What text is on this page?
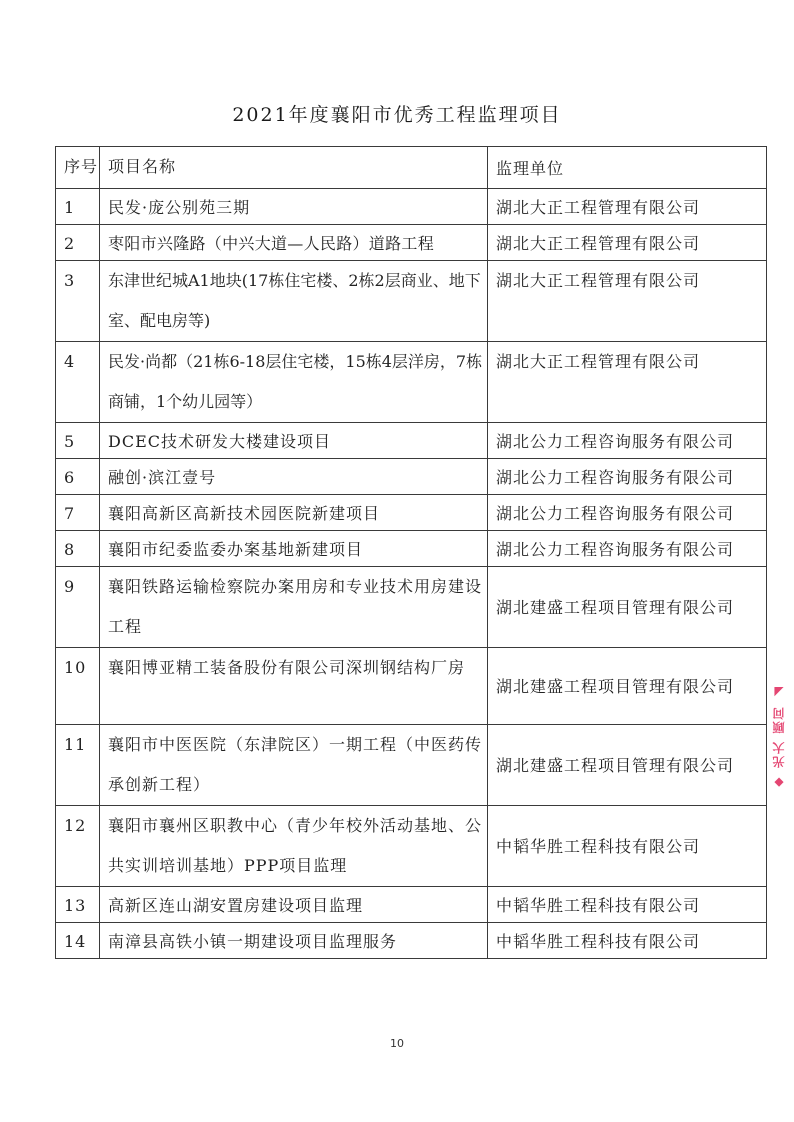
2021年度襄阳市优秀工程监理项目
序号	项目名称	监理单位
1	民发·庞公别苑三期	湖北大正工程管理有限公司
2	枣阳市兴隆路（中兴大道—人民路）道路工程	湖北大正工程管理有限公司
3	东津世纪城A1地块(17栋住宅楼、2栋2层商业、地下室、配电房等)	湖北大正工程管理有限公司
4	民发·尚都（21栋6-18层住宅楼，15栋4层洋房，7栋商铺，1个幼儿园等）	湖北大正工程管理有限公司
5	DCEC技术研发大楼建设项目	湖北公力工程咨询服务有限公司
6	融创·滨江壹号	湖北公力工程咨询服务有限公司
7	襄阳高新区高新技术园医院新建项目	湖北公力工程咨询服务有限公司
8	襄阳市纪委监委办案基地新建项目	湖北公力工程咨询服务有限公司
9	襄阳铁路运输检察院办案用房和专业技术用房建设工程	湖北建盛工程项目管理有限公司
10	襄阳博亚精工装备股份有限公司深圳钢结构厂房	湖北建盛工程项目管理有限公司
11	襄阳市中医医院（东津院区）一期工程（中医药传承创新工程）	湖北建盛工程项目管理有限公司
12	襄阳市襄州区职教中心（青少年校外活动基地、公共实训培训基地）PPP项目监理	中韬华胜工程科技有限公司
13	高新区连山湖安置房建设项目监理	中韬华胜工程科技有限公司
14	南漳县高铁小镇一期建设项目监理服务	中韬华胜工程科技有限公司
◆ 光大 顾问 ◢
10
